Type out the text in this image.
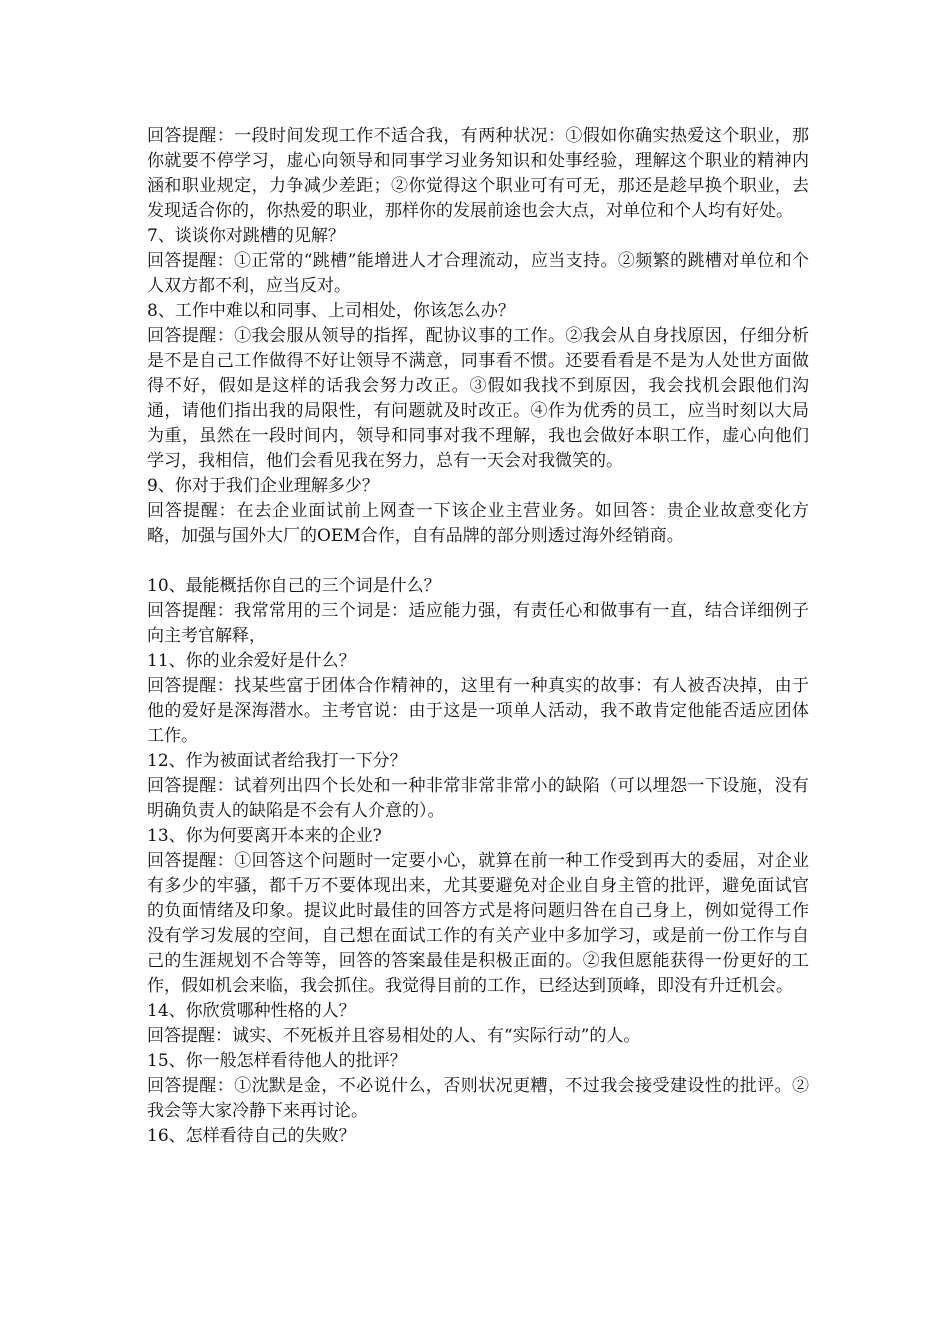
回答提醒：一段时间发现工作不适合我，有两种状况：①假如你确实热爱这个职业，那你就要不停学习，虚心向领导和同事学习业务知识和处事经验，理解这个职业的精神内涵和职业规定，力争减少差距；②你觉得这个职业可有可无，那还是趁早换个职业，去发现适合你的，你热爱的职业，那样你的发展前途也会大点，对单位和个人均有好处。

7、谈谈你对跳槽的见解？

回答提醒：①正常的“跳槽”能增进人才合理流动，应当支持。②频繁的跳槽对单位和个人双方都不利，应当反对。

8、工作中难以和同事、上司相处，你该怎么办？

回答提醒：①我会服从领导的指挥，配协议事的工作。②我会从自身找原因，仔细分析是不是自己工作做得不好让领导不满意，同事看不惯。还要看看是不是为人处世方面做得不好，假如是这样的话我会努力改正。③假如我找不到原因，我会找机会跟他们沟通，请他们指出我的局限性，有问题就及时改正。④作为优秀的员工，应当时刻以大局为重，虽然在一段时间内，领导和同事对我不理解，我也会做好本职工作，虚心向他们学习，我相信，他们会看见我在努力，总有一天会对我微笑的。

9、你对于我们企业理解多少？

回答提醒：在去企业面试前上网查一下该企业主营业务。如回答：贵企业故意变化方略，加强与国外大厂的OEM合作，自有品牌的部分则透过海外经销商。

10、最能概括你自己的三个词是什么？

回答提醒：我常常用的三个词是：适应能力强，有责任心和做事有一直，结合详细例子向主考官解释，

11、你的业余爱好是什么？

回答提醒：找某些富于团体合作精神的，这里有一种真实的故事：有人被否决掉，由于他的爱好是深海潜水。主考官说：由于这是一项单人活动，我不敢肯定他能否适应团体工作。

12、作为被面试者给我打一下分？

回答提醒：试着列出四个长处和一种非常非常非常小的缺陷（可以埋怨一下设施，没有明确负责人的缺陷是不会有人介意的）。

13、你为何要离开本来的企业?

回答提醒：①回答这个问题时一定要小心，就算在前一种工作受到再大的委屈，对企业有多少的牢骚，都千万不要体现出来，尤其要避免对企业自身主管的批评，避免面试官的负面情绪及印象。提议此时最佳的回答方式是将问题归咎在自己身上，例如觉得工作没有学习发展的空间，自己想在面试工作的有关产业中多加学习，或是前一份工作与自己的生涯规划不合等等，回答的答案最佳是积极正面的。②我但愿能获得一份更好的工作，假如机会来临，我会抓住。我觉得目前的工作，已经达到顶峰，即没有升迁机会。

14、你欣赏哪种性格的人？

回答提醒：诚实、不死板并且容易相处的人、有“实际行动”的人。

15、你一般怎样看待他人的批评？

回答提醒：①沈默是金，不必说什么，否则状况更糟，不过我会接受建设性的批评。②我会等大家冷静下来再讨论。

16、怎样看待自己的失败？
